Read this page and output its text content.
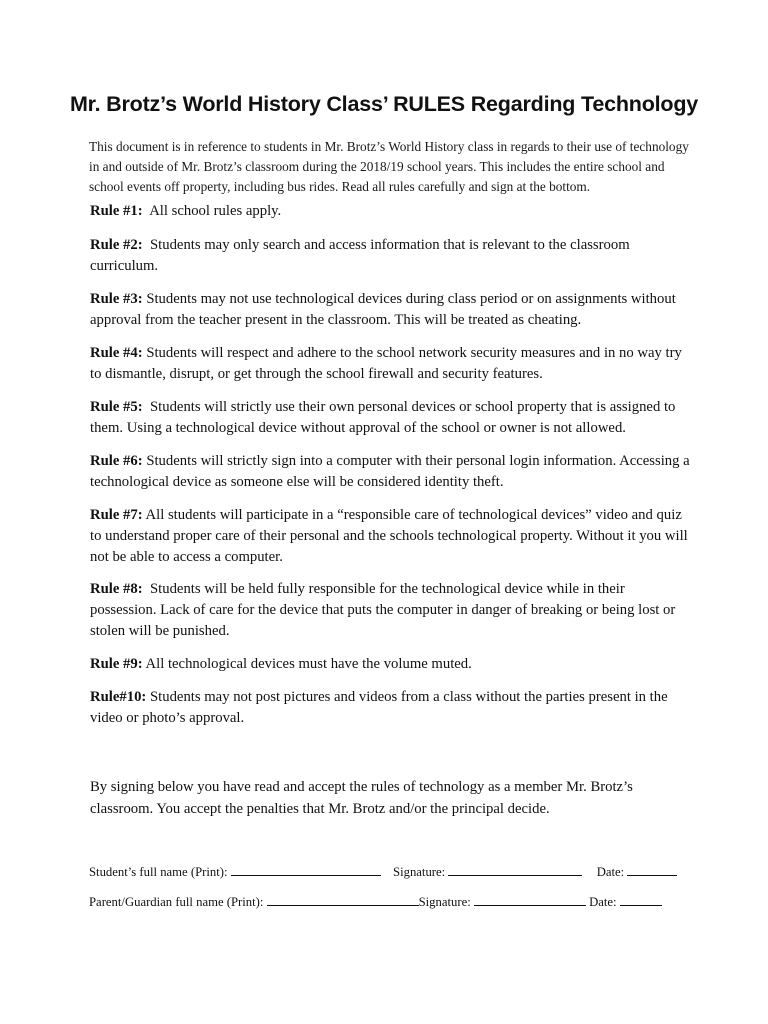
Mr. Brotz’s World History Class’ RULES Regarding Technology
This document is in reference to students in Mr. Brotz’s World History class in regards to their use of technology in and outside of Mr. Brotz’s classroom during the 2018/19 school years. This includes the entire school and school events off property, including bus rides. Read all rules carefully and sign at the bottom.
Rule #1: All school rules apply.
Rule #2: Students may only search and access information that is relevant to the classroom curriculum.
Rule #3: Students may not use technological devices during class period or on assignments without approval from the teacher present in the classroom. This will be treated as cheating.
Rule #4: Students will respect and adhere to the school network security measures and in no way try to dismantle, disrupt, or get through the school firewall and security features.
Rule #5: Students will strictly use their own personal devices or school property that is assigned to them. Using a technological device without approval of the school or owner is not allowed.
Rule #6: Students will strictly sign into a computer with their personal login information. Accessing a technological device as someone else will be considered identity theft.
Rule #7: All students will participate in a “responsible care of technological devices” video and quiz to understand proper care of their personal and the schools technological property. Without it you will not be able to access a computer.
Rule #8: Students will be held fully responsible for the technological device while in their possession. Lack of care for the device that puts the computer in danger of breaking or being lost or stolen will be punished.
Rule #9: All technological devices must have the volume muted.
Rule#10: Students may not post pictures and videos from a class without the parties present in the video or photo’s approval.
By signing below you have read and accept the rules of technology as a member Mr. Brotz’s classroom. You accept the penalties that Mr. Brotz and/or the principal decide.
Student’s full name (Print):	Signature:	Date:
Parent/Guardian full name (Print):	Signature:	Date:
